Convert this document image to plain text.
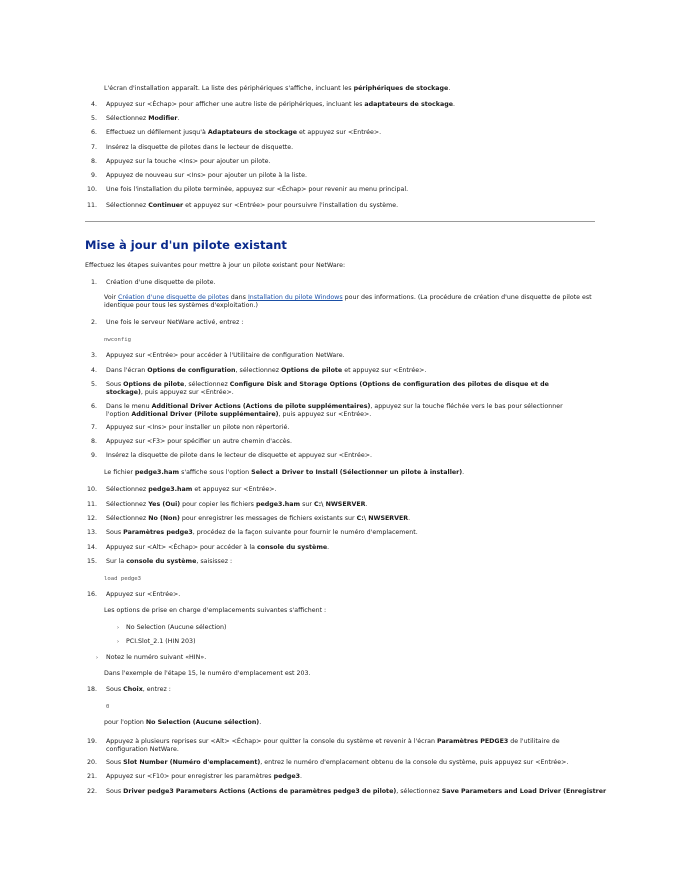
L'écran d'installation apparaît. La liste des périphériques s'affiche, incluant les périphériques de stockage.
4. Appuyez sur <Échap> pour afficher une autre liste de périphériques, incluant les adaptateurs de stockage.
5. Sélectionnez Modifier.
6. Effectuez un défilement jusqu'à Adaptateurs de stockage et appuyez sur <Entrée>.
7. Insérez la disquette de pilotes dans le lecteur de disquette.
8. Appuyez sur la touche <Ins> pour ajouter un pilote.
9. Appuyez de nouveau sur <Ins> pour ajouter un pilote à la liste.
10. Une fois l'installation du pilote terminée, appuyez sur <Échap> pour revenir au menu principal.
11. Sélectionnez Continuer et appuyez sur <Entrée> pour poursuivre l'installation du système.
Mise à jour d'un pilote existant
Effectuez les étapes suivantes pour mettre à jour un pilote existant pour NetWare:
1. Création d'une disquette de pilote.
Voir Création d'une disquette de pilotes dans Installation du pilote Windows pour des informations. (La procédure de création d'une disquette de pilote est identique pour tous les systèmes d'exploitation.)
2. Une fois le serveur NetWare activé, entrez :
nwconfig
3. Appuyez sur <Entrée> pour accéder à l'Utilitaire de configuration NetWare.
4. Dans l'écran Options de configuration, sélectionnez Options de pilote et appuyez sur <Entrée>.
5. Sous Options de pilote, sélectionnez Configure Disk and Storage Options (Options de configuration des pilotes de disque et de stockage), puis appuyez sur <Entrée>.
6. Dans le menu Additional Driver Actions (Actions de pilote supplémentaires), appuyez sur la touche fléchée vers le bas pour sélectionner l'option Additional Driver (Pilote supplémentaire), puis appuyez sur <Entrée>.
7. Appuyez sur <Ins> pour installer un pilote non répertorié.
8. Appuyez sur <F3> pour spécifier un autre chemin d'accès.
9. Insérez la disquette de pilote dans le lecteur de disquette et appuyez sur <Entrée>.
Le fichier pedge3.ham s'affiche sous l'option Select a Driver to Install (Sélectionner un pilote à installer).
10. Sélectionnez pedge3.ham et appuyez sur <Entrée>.
11. Sélectionnez Yes (Oui) pour copier les fichiers pedge3.ham sur C:\ NWSERVER.
12. Sélectionnez No (Non) pour enregistrer les messages de fichiers existants sur C:\ NWSERVER.
13. Sous Paramètres pedge3, procédez de la façon suivante pour fournir le numéro d'emplacement.
14. Appuyez sur <Alt> <Échap> pour accéder à la console du système.
15. Sur la console du système, saisissez :
load pedge3
16. Appuyez sur <Entrée>.
Les options de prise en charge d'emplacements suivantes s'affichent :
› No Selection (Aucune sélection)
› PCI.Slot_2.1 (HIN 203)
› Notez le numéro suivant «HIN».
Dans l'exemple de l'étape 15, le numéro d'emplacement est 203.
18. Sous Choix, entrez :
0
pour l'option No Selection (Aucune sélection).
19. Appuyez à plusieurs reprises sur <Alt> <Échap> pour quitter la console du système et revenir à l'écran Paramètres PEDGE3 de l'utilitaire de configuration NetWare.
20. Sous Slot Number (Numéro d'emplacement), entrez le numéro d'emplacement obtenu de la console du système, puis appuyez sur <Entrée>.
21. Appuyez sur <F10> pour enregistrer les paramètres pedge3.
22. Sous Driver pedge3 Parameters Actions (Actions de paramètres pedge3 de pilote), sélectionnez Save Parameters and Load Driver (Enregistrer
